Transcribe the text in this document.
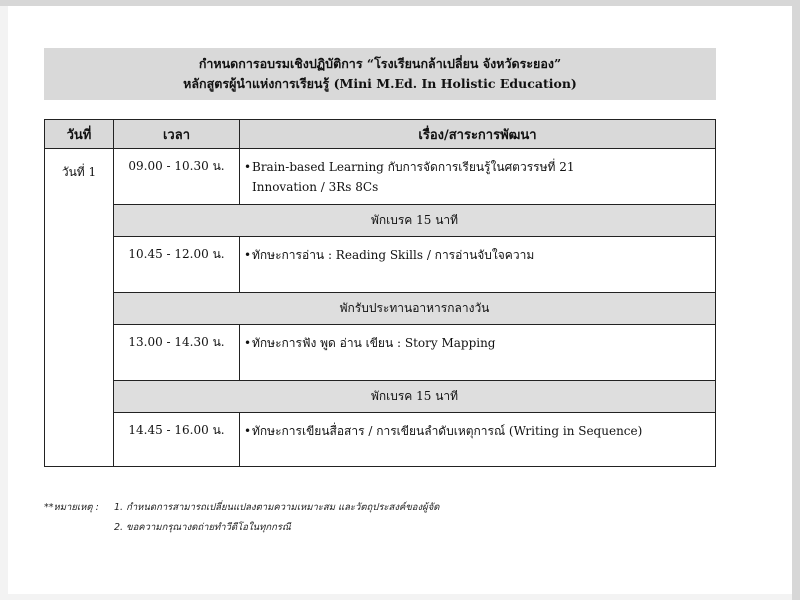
กำหนดการอบรมเชิงปฏิบัติการ “โรงเรียนกล้าเปลี่ยน จังหวัดระยอง”
หลักสูตรผู้นำแห่งการเรียนรู้ (Mini M.Ed. In Holistic Education)
วันที่	เวลา	เรื่อง/สาระการพัฒนา
วันที่ 1	09.00 - 10.30 น.	•Brain-based Learning กับการจัดการเรียนรู้ในศตวรรษที่ 21
Innovation / 3Rs 8Cs

	พักเบรค 15 นาที	
	10.45 - 12.00 น.	•ทักษะการอ่าน : Reading Skills / การอ่านจับใจความ
	พักรับประทานอาหารกลางวัน	
	13.00 - 14.30 น.	•ทักษะการฟัง พูด อ่าน เขียน : Story Mapping
	พักเบรค 15 นาที	
	14.45 - 16.00 น.	•ทักษะการเขียนสื่อสาร / การเขียนลำดับเหตุการณ์ (Writing in Sequence)
**หมายเหตุ :	1. กำหนดการสามารถเปลี่ยนแปลงตามความเหมาะสม และวัตถุประสงค์ของผู้จัด
2. ขอความกรุณางดถ่ายทำวีดีโอในทุกกรณี
